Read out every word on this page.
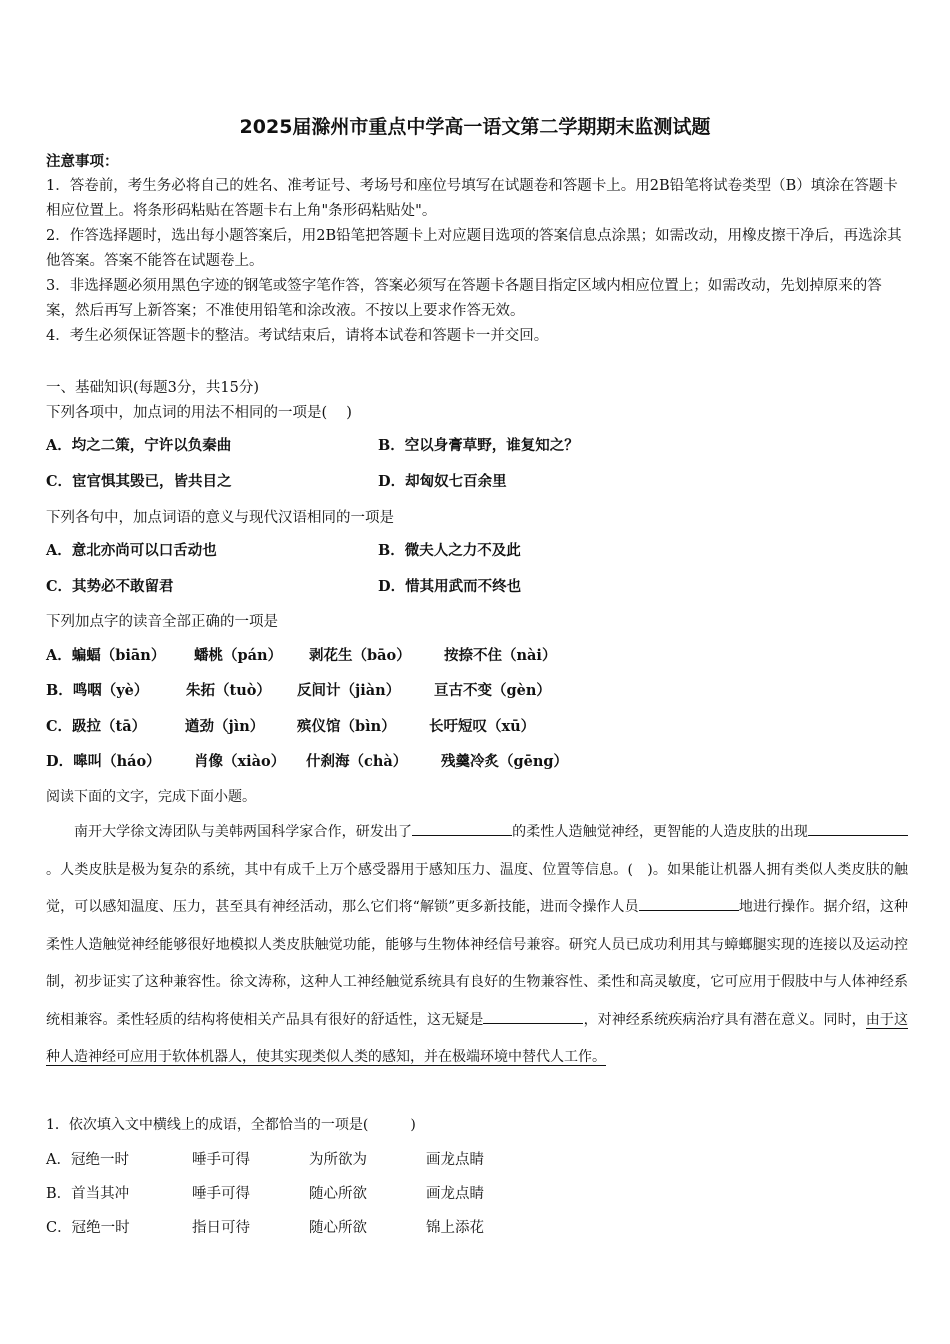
2025届滁州市重点中学高一语文第二学期期末监测试题
注意事项：
1．答卷前，考生务必将自己的姓名、准考证号、考场号和座位号填写在试题卷和答题卡上。用2B铅笔将试卷类型（B）填涂在答题卡相应位置上。将条形码粘贴在答题卡右上角"条形码粘贴处"。
2．作答选择题时，选出每小题答案后，用2B铅笔把答题卡上对应题目选项的答案信息点涂黑；如需改动，用橡皮擦干净后，再选涂其他答案。答案不能答在试题卷上。
3．非选择题必须用黑色字迹的钢笔或签字笔作答，答案必须写在答题卡各题目指定区域内相应位置上；如需改动，先划掉原来的答案，然后再写上新答案；不准使用铅笔和涂改液。不按以上要求作答无效。
4．考生必须保证答题卡的整洁。考试结束后，请将本试卷和答题卡一并交回。
一、基础知识(每题3分，共15分)
下列各项中，加点词的用法不相同的一项是(　 )
A．均之二策，宁许以负秦曲	B．空以身膏草野，谁复知之？
C．宦官惧其毁已，皆共目之	D．却匈奴七百余里
下列各句中，加点词语的意义与现代汉语相同的一项是
A．意北亦尚可以口舌动也	B．微夫人之力不及此
C．其势必不敢留君	D．惜其用武而不终也
下列加点字的读音全部正确的一项是
A．蝙蝠（biān） 蟠桃（pán） 剥花生（bāo） 按捺不住（nài）
B．鸣咽（yè）	朱拓（tuò） 反间计（jiàn） 亘古不变（gèn）
C．趿拉（tā）	遒劲（jìn） 殡仪馆（bìn） 长吁短叹（xū）
D．嗥叫（háo） 肖像（xiào） 什刹海（chà） 残羹冷炙（gēng）
阅读下面的文字，完成下面小题。

南开大学徐文涛团队与美韩两国科学家合作，研发出了	的柔性人造触觉神经，更智能的人造皮肤的出现。人类皮肤是极为复杂的系统，其中有成千上万个感受器用于感知压力、温度、位置等信息。(　)。如果能让机器人拥有类似人类皮肤的触觉，可以感知温度、压力，甚至具有神经活动，那么它们将“解锁”更多新技能，进而令操作人员	地进行操作。据介绍，这种柔性人造触觉神经能够很好地模拟人类皮肤触觉功能，能够与生物体神经信号兼容。研究人员已成功利用其与蟑螂腿实现的连接以及运动控制，初步证实了这种兼容性。徐文涛称，这种人工神经触觉系统具有良好的生物兼容性、柔性和高灵敏度，它可应用于假肢中与人体神经系统相兼容。柔性轻质的结构将使相关产品具有很好的舒适性，这无疑是	，对神经系统疾病治疗具有潜在意义。同时，由于这种人造神经可应用于软体机器人，使其实现类似人类的感知，并在极端环境中替代人工作。

1．依次填入文中横线上的成语，全都恰当的一项是(　　　)
A．冠绝一时	唾手可得	为所欲为	画龙点睛
B．首当其冲	唾手可得	随心所欲	画龙点睛
C．冠绝一时	指日可待	随心所欲	锦上添花
